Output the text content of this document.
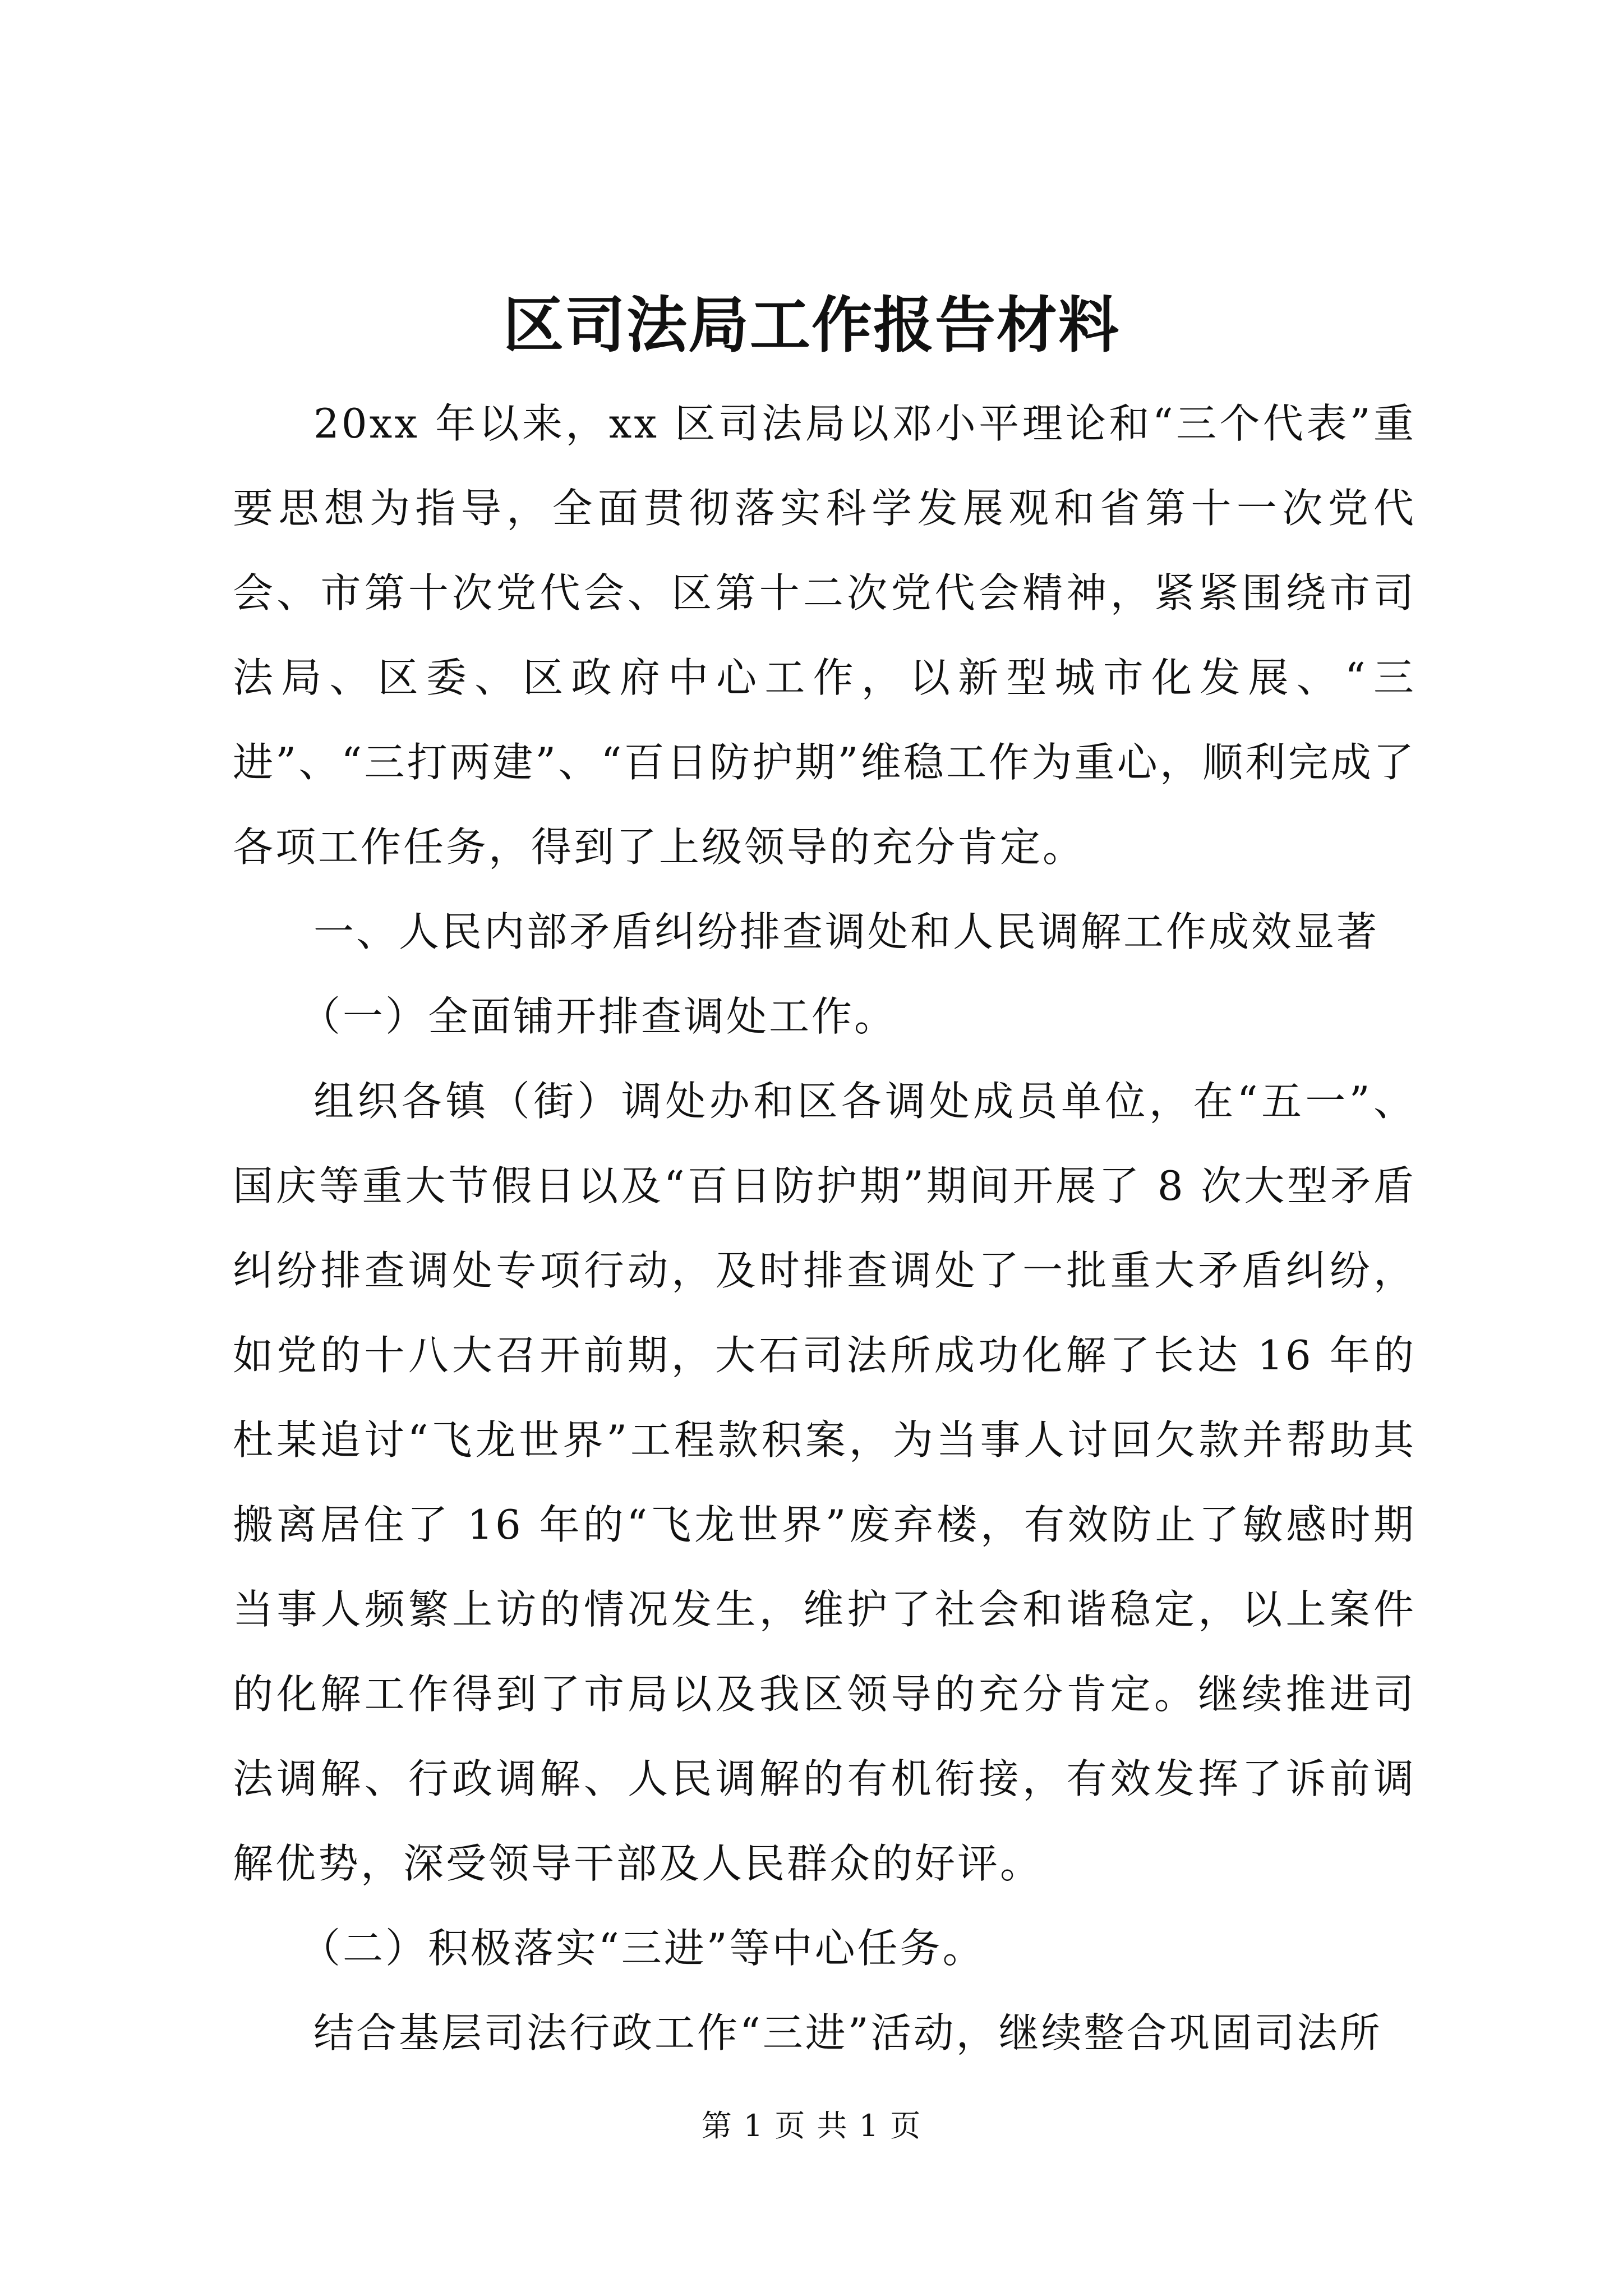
区司法局工作报告材料

20xx 年以来，xx 区司法局以邓小平理论和“三个代表”重要思想为指导，全面贯彻落实科学发展观和省第十一次党代会、市第十次党代会、区第十二次党代会精神，紧紧围绕市司法局、区委、区政府中心工作，以新型城市化发展、“三进”、“三打两建”、“百日防护期”维稳工作为重心，顺利完成了各项工作任务，得到了上级领导的充分肯定。

一、人民内部矛盾纠纷排查调处和人民调解工作成效显著

（一）全面铺开排查调处工作。

组织各镇（街）调处办和区各调处成员单位，在“五一”、国庆等重大节假日以及“百日防护期”期间开展了 8 次大型矛盾纠纷排查调处专项行动，及时排查调处了一批重大矛盾纠纷，如党的十八大召开前期，大石司法所成功化解了长达 16 年的杜某追讨“飞龙世界”工程款积案，为当事人讨回欠款并帮助其搬离居住了 16 年的“飞龙世界”废弃楼，有效防止了敏感时期当事人频繁上访的情况发生，维护了社会和谐稳定，以上案件的化解工作得到了市局以及我区领导的充分肯定。继续推进司法调解、行政调解、人民调解的有机衔接，有效发挥了诉前调解优势，深受领导干部及人民群众的好评。

（二）积极落实“三进”等中心任务。

结合基层司法行政工作“三进”活动，继续整合巩固司法所

第 1 页 共 1 页
